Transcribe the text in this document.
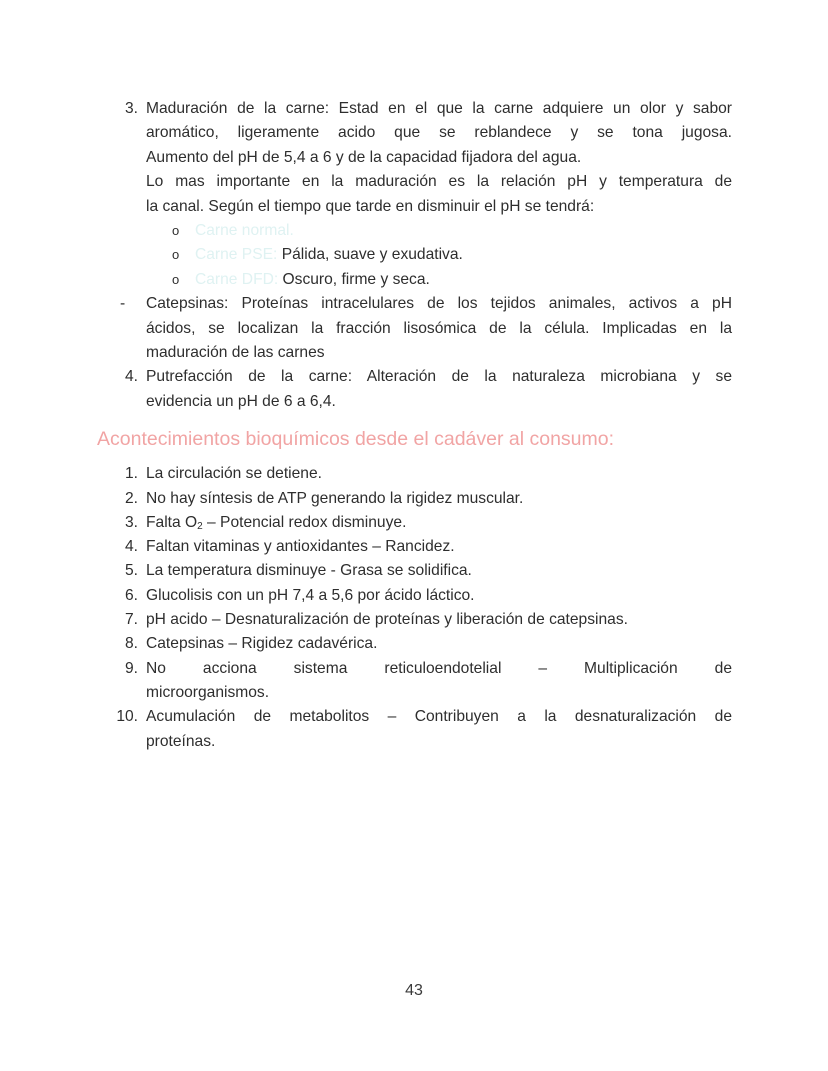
3. Maduración de la carne: Estad en el que la carne adquiere un olor y sabor
aromático, ligeramente acido que se reblandece y se tona jugosa.
Aumento del pH de 5,4 a 6 y de la capacidad fijadora del agua.
Lo mas importante en la maduración es la relación pH y temperatura de
la canal. Según el tiempo que tarde en disminuir el pH se tendrá:
o Carne normal.
o Carne PSE: Pálida, suave y exudativa.
o Carne DFD: Oscuro, firme y seca.
- Catepsinas: Proteínas intracelulares de los tejidos animales, activos a pH
ácidos, se localizan la fracción lisosómica de la célula. Implicadas en la
maduración de las carnes
4. Putrefacción de la carne: Alteración de la naturaleza microbiana y se
evidencia un pH de 6 a 6,4.
Acontecimientos bioquímicos desde el cadáver al consumo:
1. La circulación se detiene.
2. No hay síntesis de ATP generando la rigidez muscular.
3. Falta $O_2$ – Potencial redox disminuye.
4. Faltan vitaminas y antioxidantes – Rancidez.
5. La temperatura disminuye - Grasa se solidifica.
6. Glucolisis con un pH 7,4 a 5,6 por ácido láctico.
7. pH acido – Desnaturalización de proteínas y liberación de catepsinas.
8. Catepsinas – Rigidez cadavérica.
9. No acciona sistema reticuloendotelial – Multiplicación de
microorganismos.
10. Acumulación de metabolitos – Contribuyen a la desnaturalización de
proteínas.
43
